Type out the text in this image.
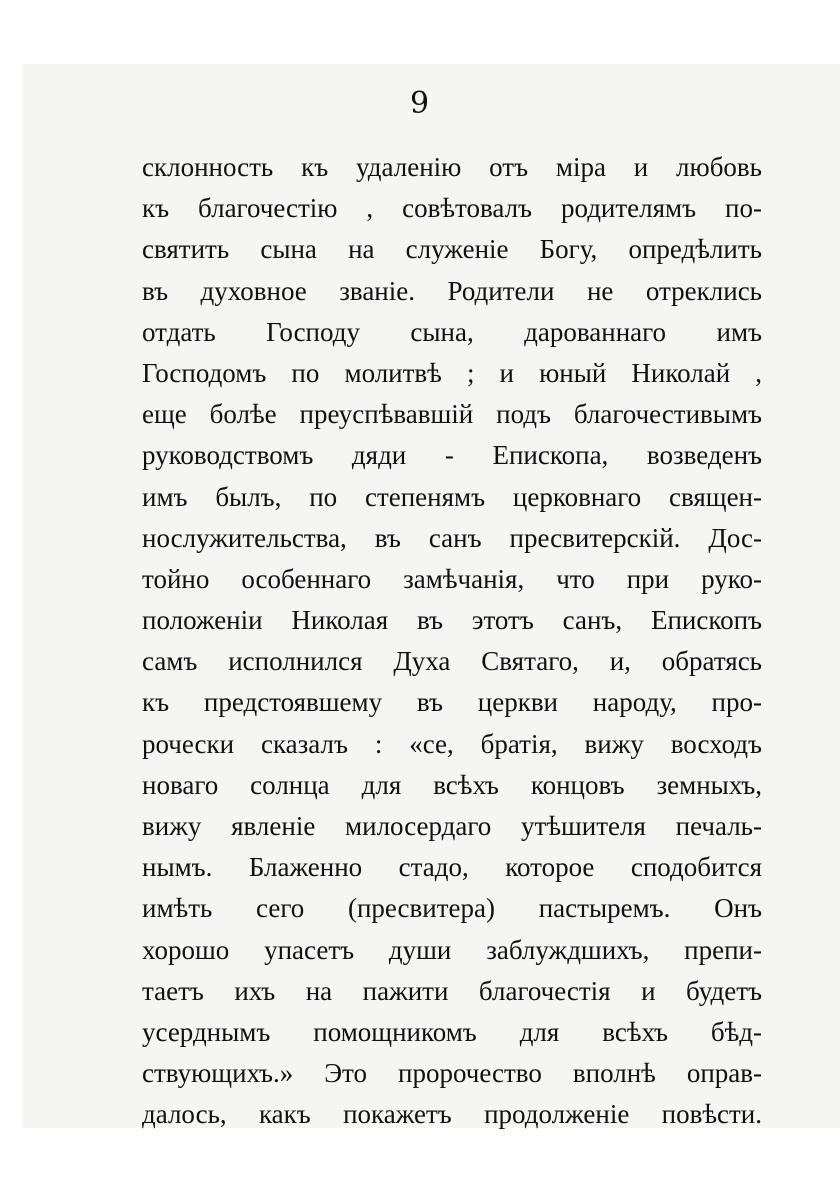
9
склонность къ удаленію отъ міра и любовь
къ благочестію , совѣтовалъ родителямъ по-
святить сына на служеніе Богу, опредѣлить
въ духовное званіе. Родители не отреклись
отдать Господу сына, дарованнаго имъ
Господомъ по молитвѣ ; и юный Николай ,
еще болѣе преуспѣвавшій подъ благочестивымъ
руководствомъ дяди - Епископа, возведенъ
имъ былъ, по степенямъ церковнаго священ-
нослужительства, въ санъ пресвитерскій. Дос-
тойно особеннаго замѣчанія, что при руко-
положеніи Николая въ этотъ санъ, Епископъ
самъ исполнился Духа Святаго, и, обратясь
къ предстоявшему въ церкви народу, про-
рочески сказалъ : «се, братія, вижу восходъ
новаго солнца для всѣхъ концовъ земныхъ,
вижу явленіе милосердаго утѣшителя печаль-
нымъ. Блаженно стадо, которое сподобится
имѣть сего (пресвитера) пастыремъ. Онъ
хорошо упасетъ души заблуждшихъ, препи-
таетъ ихъ на пажити благочестія и будетъ
усерднымъ помощникомъ для всѣхъ бѣд-
ствующихъ.» Это пророчество вполнѣ оправ-
далось, какъ покажетъ продолженіе повѣсти.
